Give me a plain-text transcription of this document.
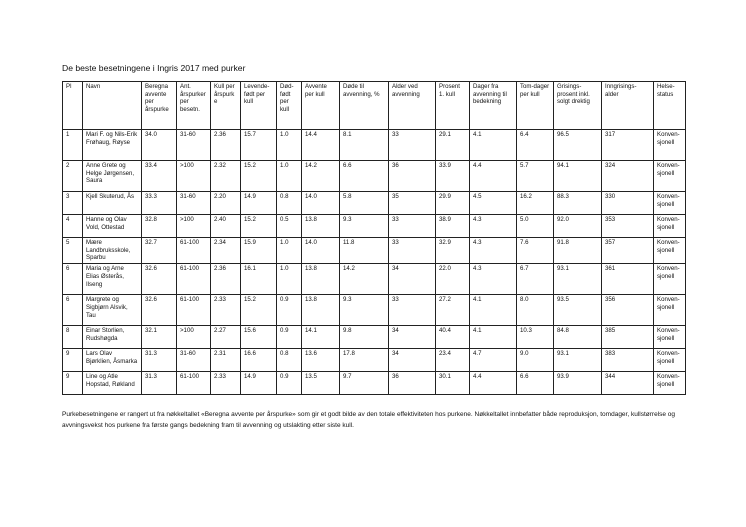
De beste besetningene i Ingris 2017 med purker
Pl	Navn	Beregna avvente per årspurke	Ant. årspurker per besetn.	Kull per årspurke	Levende-født per kull	Død-født per kull	Avvente per kull	Døde til avvenning, %	Alder ved avvenning	Prosent 1. kull	Dager fra avvenning til bedekning	Tom-dager per kull	Grisings-prosent inkl. solgt drektig	Inngrisings-alder	Helse-status
1	Mari F. og Nils-Erik Frøhaug, Røyse	34.0	31-60	2.36	15.7	1.0	14.4	8.1	33	29.1	4.1	6.4	96.5	317	Konven-sjonell
2	Anne Grete og Helge Jørgensen, Saura	33.4	>100	2.32	15.2	1.0	14.2	6.6	36	33.9	4.4	5.7	94.1	324	Konven-sjonell
3	Kjell Skuterud, Ås	33.3	31-60	2.20	14.9	0.8	14.0	5.8	35	29.9	4.5	16.2	88.3	330	Konven-sjonell
4	Hanne og Olav Vold, Ottestad	32.8	>100	2.40	15.2	0.5	13.8	9.3	33	38.9	4.3	5.0	92.0	353	Konven-sjonell
5	Mære Landbruksskole, Sparbu	32.7	61-100	2.34	15.9	1.0	14.0	11.8	33	32.9	4.3	7.6	91.8	357	Konven-sjonell
6	Maria og Arne Elias Østerås, Ilseng	32.6	61-100	2.36	16.1	1.0	13.8	14.2	34	22.0	4.3	6.7	93.1	361	Konven-sjonell
6	Margrete og Sigbjørn Alsvik, Tau	32.6	61-100	2.33	15.2	0.9	13.8	9.3	33	27.2	4.1	8.0	93.5	356	Konven-sjonell
8	Einar Storlien, Rudshøgda	32.1	>100	2.27	15.6	0.9	14.1	9.8	34	40.4	4.1	10.3	84.8	385	Konven-sjonell
9	Lars Olav Bjørklien, Åsmarka	31.3	31-60	2.31	16.6	0.8	13.6	17.8	34	23.4	4.7	9.0	93.1	383	Konven-sjonell
9	Line og Atle Hopstad, Røkland	31.3	61-100	2.33	14.9	0.9	13.5	9.7	36	30.1	4.4	6.6	93.9	344	Konven-sjonell
Purkebesetningene er rangert ut fra nøkkeltallet «Beregna avvente per årspurke» som gir et godt bilde av den totale effektiviteten hos purkene. Nøkkeltallet innbefatter både reproduksjon, tomdager, kullstørrelse og avvningsvekst hos purkene fra første gangs bedekning fram til avvenning og utslakting etter siste kull.
